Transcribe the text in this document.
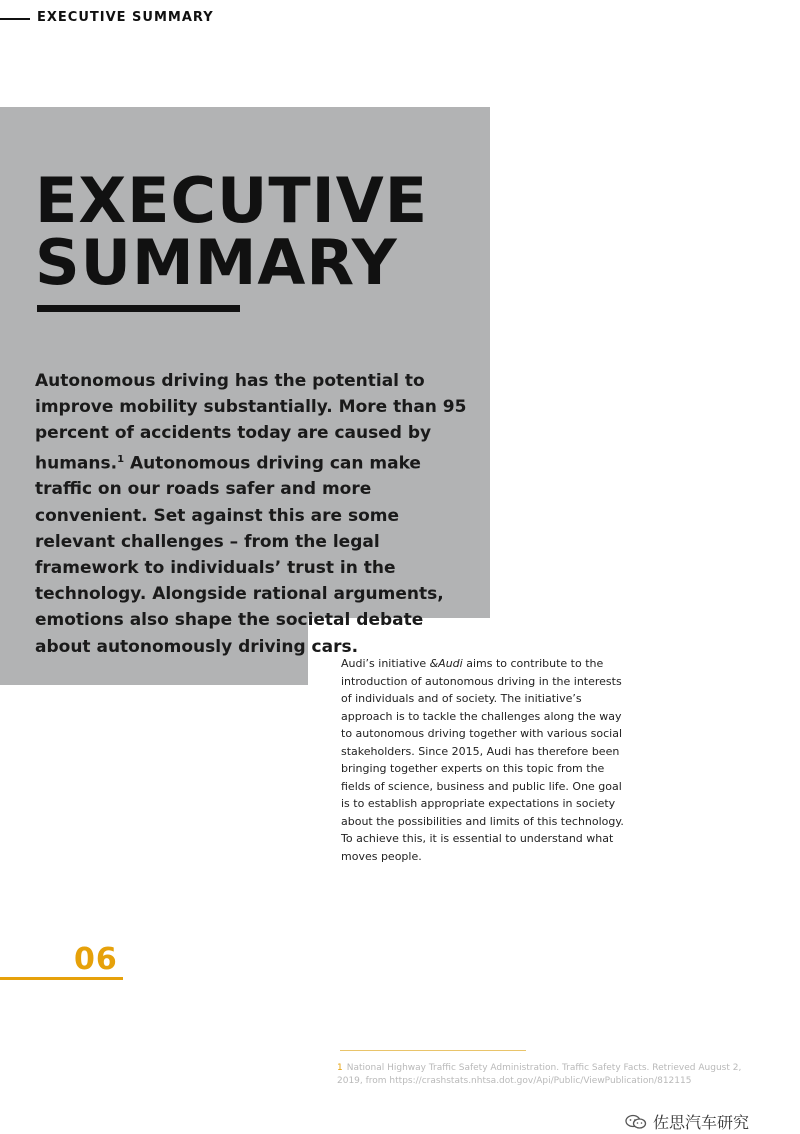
EXECUTIVE SUMMARY
EXECUTIVE
SUMMARY

Autonomous driving has the potential to improve mobility substantially. More than 95 percent of accidents today are caused by humans.$^1$ Autonomous driving can make traffic on our roads safer and more convenient. Set against this are some relevant challenges – from the legal framework to individuals’ trust in the technology. Alongside rational arguments, emotions also shape the societal debate about autonomously driving cars.

Audi’s initiative &Audi aims to contribute to the introduction of autonomous driving in the interests of individuals and of society. The initiative’s approach is to tackle the challenges along the way to autonomous driving together with various social stakeholders. Since 2015, Audi has therefore been bringing together experts on this topic from the fields of science, business and public life. One goal is to establish appropriate expectations in society about the possibilities and limits of this technology. To achieve this, it is essential to understand what moves people.

06
1 National Highway Traffic Safety Administration. Traffic Safety Facts. Retrieved August 2, 2019, from https://crashstats.nhtsa.dot.gov/Api/Public/ViewPublication/812115
佐思汽车研究
